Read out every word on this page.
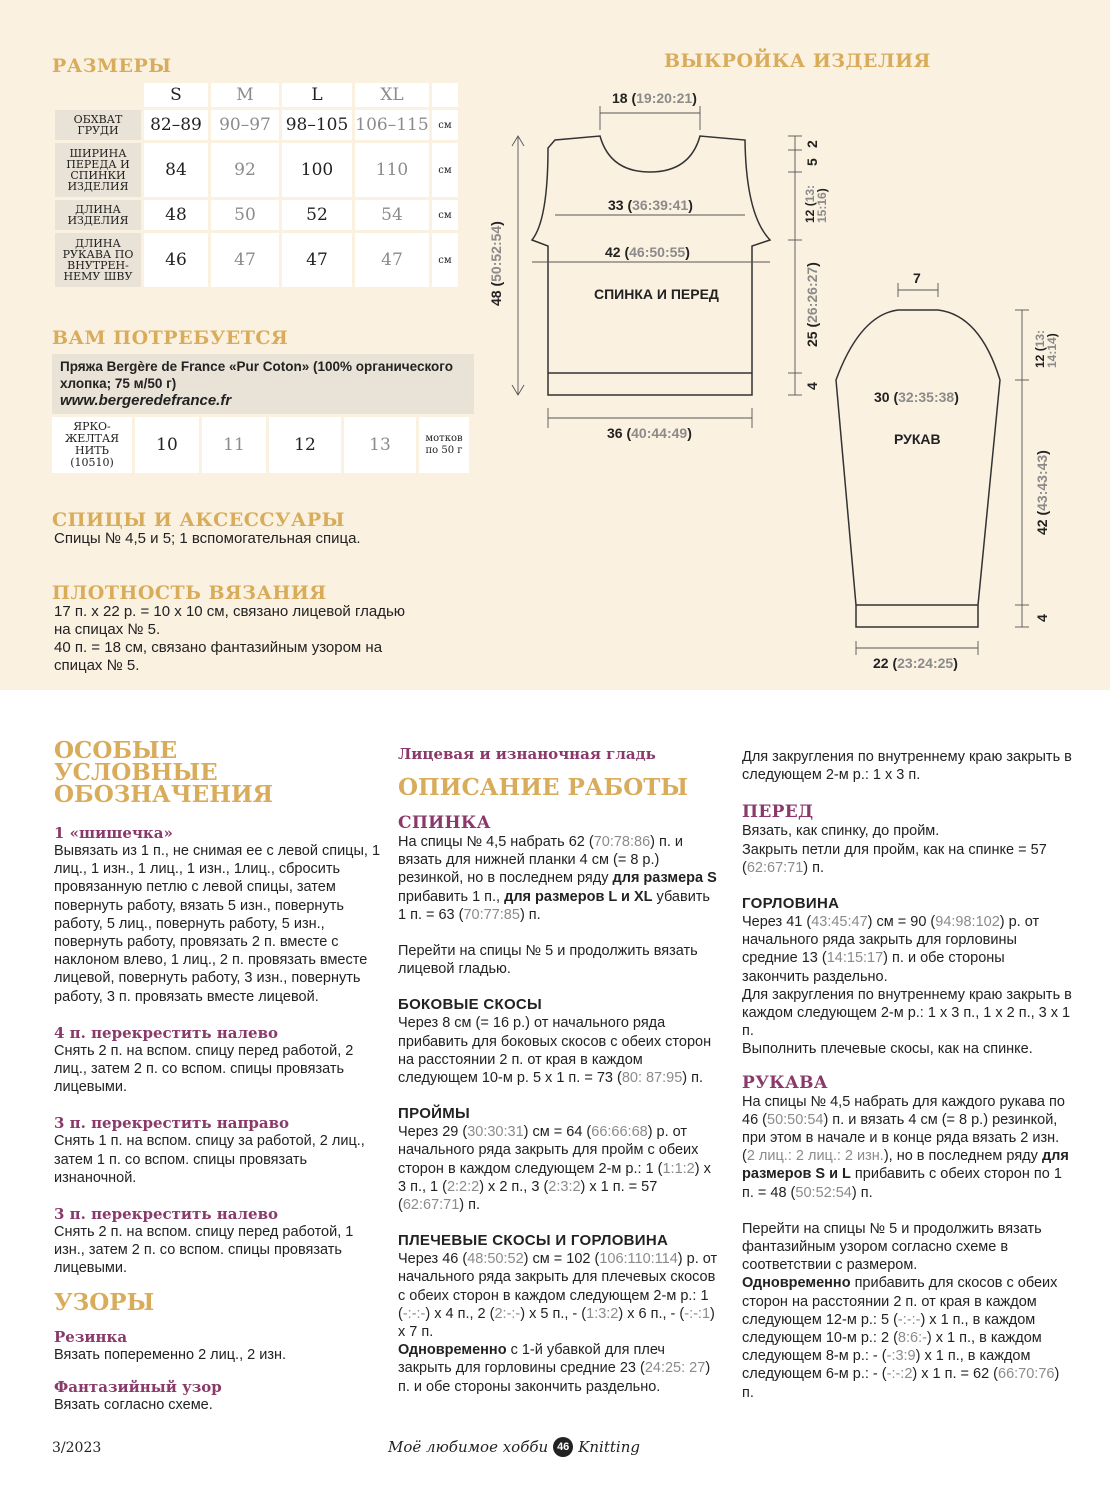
РАЗМЕРЫ
	S	M	L	XL	
ОБХВАТ ГРУДИ	82–89	90–97	98–105	106–115	см
ШИРИНА ПЕРЕДА И СПИНКИ ИЗДЕЛИЯ	84	92	100	110	см
ДЛИНА ИЗДЕЛИЯ	48	50	52	54	см
ДЛИНА РУКАВА ПО ВНУТРЕН-НЕМУ ШВУ	46	47	47	47	см
ВАМ ПОТРЕБУЕТСЯ
Пряжа Bergère de France «Pur Coton» (100% органического
хлопка; 75 м/50 г)
www.bergeredefrance.fr
ЯРКО-ЖЕЛТАЯ НИТЬ
(10510)
	10	11	12	13	мотков по 50 г
СПИЦЫ И АКСЕССУАРЫ
Спицы № 4,5 и 5; 1 вспомогательная спица.
ПЛОТНОСТЬ ВЯЗАНИЯ
17 п. х 22 р. = 10 х 10 см, связано лицевой гладью
на спицах № 5.
40 п. = 18 см, связано фантазийным узором на
спицах № 5.
ВЫКРОЙКА ИЗДЕЛИЯ
18 (19:20:21)
33 (36:39:41)
42 (46:50:55)
СПИНКА И ПЕРЕД
36 (40:44:49)
48 (50:52:54)
2
5
12 (13: 15:16)
25 (26:26:27)
4
7
12 (13: 14:14)
30 (32:35:38)
РУКАВ
42 (43:43:43)
4
22 (23:24:25)
ОСОБЫЕ УСЛОВНЫЕ ОБОЗНАЧЕНИЯ
1 «шишечка»
Вывязать из 1 п., не снимая ее с левой спицы, 1 лиц., 1 изн., 1 лиц., 1 изн., 1лиц., сбросить провязанную петлю с левой спицы, затем повернуть работу, вязать 5 изн., повернуть работу, 5 лиц., повернуть работу, 5 изн., повернуть работу, провязать 2 п. вместе с наклоном влево, 1 лиц., 2 п. провязать вместе лицевой, повернуть работу, 3 изн., повернуть работу, 3 п. провязать вместе лицевой.
4 п. перекрестить налево
Снять 2 п. на вспом. спицу перед работой, 2 лиц., затем 2 п. со вспом. спицы провязать лицевыми.
3 п. перекрестить направо
Снять 1 п. на вспом. спицу за работой, 2 лиц., затем 1 п. со вспом. спицы провязать изнаночной.
3 п. перекрестить налево
Снять 2 п. на вспом. спицу перед работой, 1 изн., затем 2 п. со вспом. спицы провязать лицевыми.
УЗОРЫ
Резинка
Вязать попеременно 2 лиц., 2 изн.
Фантазийный узор
Вязать согласно схеме.
Лицевая и изнаночная гладь
ОПИСАНИЕ РАБОТЫ
СПИНКА
На спицы № 4,5 набрать 62 (70:78:86) п. и вязать для нижней планки 4 см (= 8 р.) резинкой, но в последнем ряду для размера S прибавить 1 п., для размеров L и XL убавить 1 п. = 63 (70:77:85) п.
Перейти на спицы № 5 и продолжить вязать лицевой гладью.
БОКОВЫЕ СКОСЫ
Через 8 см (= 16 р.) от начального ряда прибавить для боковых скосов с обеих сторон на расстоянии 2 п. от края в каждом следующем 10-м р. 5 х 1 п. = 73 (80: 87:95) п.
ПРОЙМЫ
Через 29 (30:30:31) см = 64 (66:66:68) р. от начального ряда закрыть для пройм с обеих сторон в каждом следующем 2-м р.: 1 (1:1:2) х 3 п., 1 (2:2:2) х 2 п., 3 (2:3:2) х 1 п. = 57 (62:67:71) п.
ПЛЕЧЕВЫЕ СКОСЫ И ГОРЛОВИНА
Через 46 (48:50:52) см = 102 (106:110:114) р. от начального ряда закрыть для плечевых скосов с обеих сторон в каждом следующем 2-м р.: 1 (-:-:-) х 4 п., 2 (2:-:-) х 5 п., - (1:3:2) х 6 п., - (-:-:1) х 7 п.
Одновременно с 1-й убавкой для плеч закрыть для горловины средние 23 (24:25: 27) п. и обе стороны закончить раздельно.
Для закругления по внутреннему краю закрыть в следующем 2-м р.: 1 х 3 п.
ПЕРЕД
Вязать, как спинку, до пройм.
Закрыть петли для пройм, как на спинке = 57 (62:67:71) п.
ГОРЛОВИНА
Через 41 (43:45:47) см = 90 (94:98:102) р. от начального ряда закрыть для горловины средние 13 (14:15:17) п. и обе стороны закончить раздельно.
Для закругления по внутреннему краю закрыть в каждом следующем 2-м р.: 1 х 3 п., 1 х 2 п., 3 х 1 п.
Выполнить плечевые скосы, как на спинке.
РУКАВА
На спицы № 4,5 набрать для каждого рукава по 46 (50:50:54) п. и вязать 4 см (= 8 р.) резинкой, при этом в начале и в конце ряда вязать 2 изн. (2 лиц.: 2 лиц.: 2 изн.), но в последнем ряду для размеров S и L прибавить с обеих сторон по 1 п. = 48 (50:52:54) п.
Перейти на спицы № 5 и продолжить вязать фантазийным узором согласно схеме в соответствии с размером.
Одновременно прибавить для скосов с обеих сторон на расстоянии 2 п. от края в каждом следующем 12-м р.: 5 (-:-:-) х 1 п., в каждом следующем 10-м р.: 2 (8:6:-) х 1 п., в каждом следующем 8-м р.: - (-:3:9) х 1 п., в каждом следующем 6-м р.: - (-:-:2) х 1 п. = 62 (66:70:76) п.
3/2023	Моё любимое хобби 46 Knitting
